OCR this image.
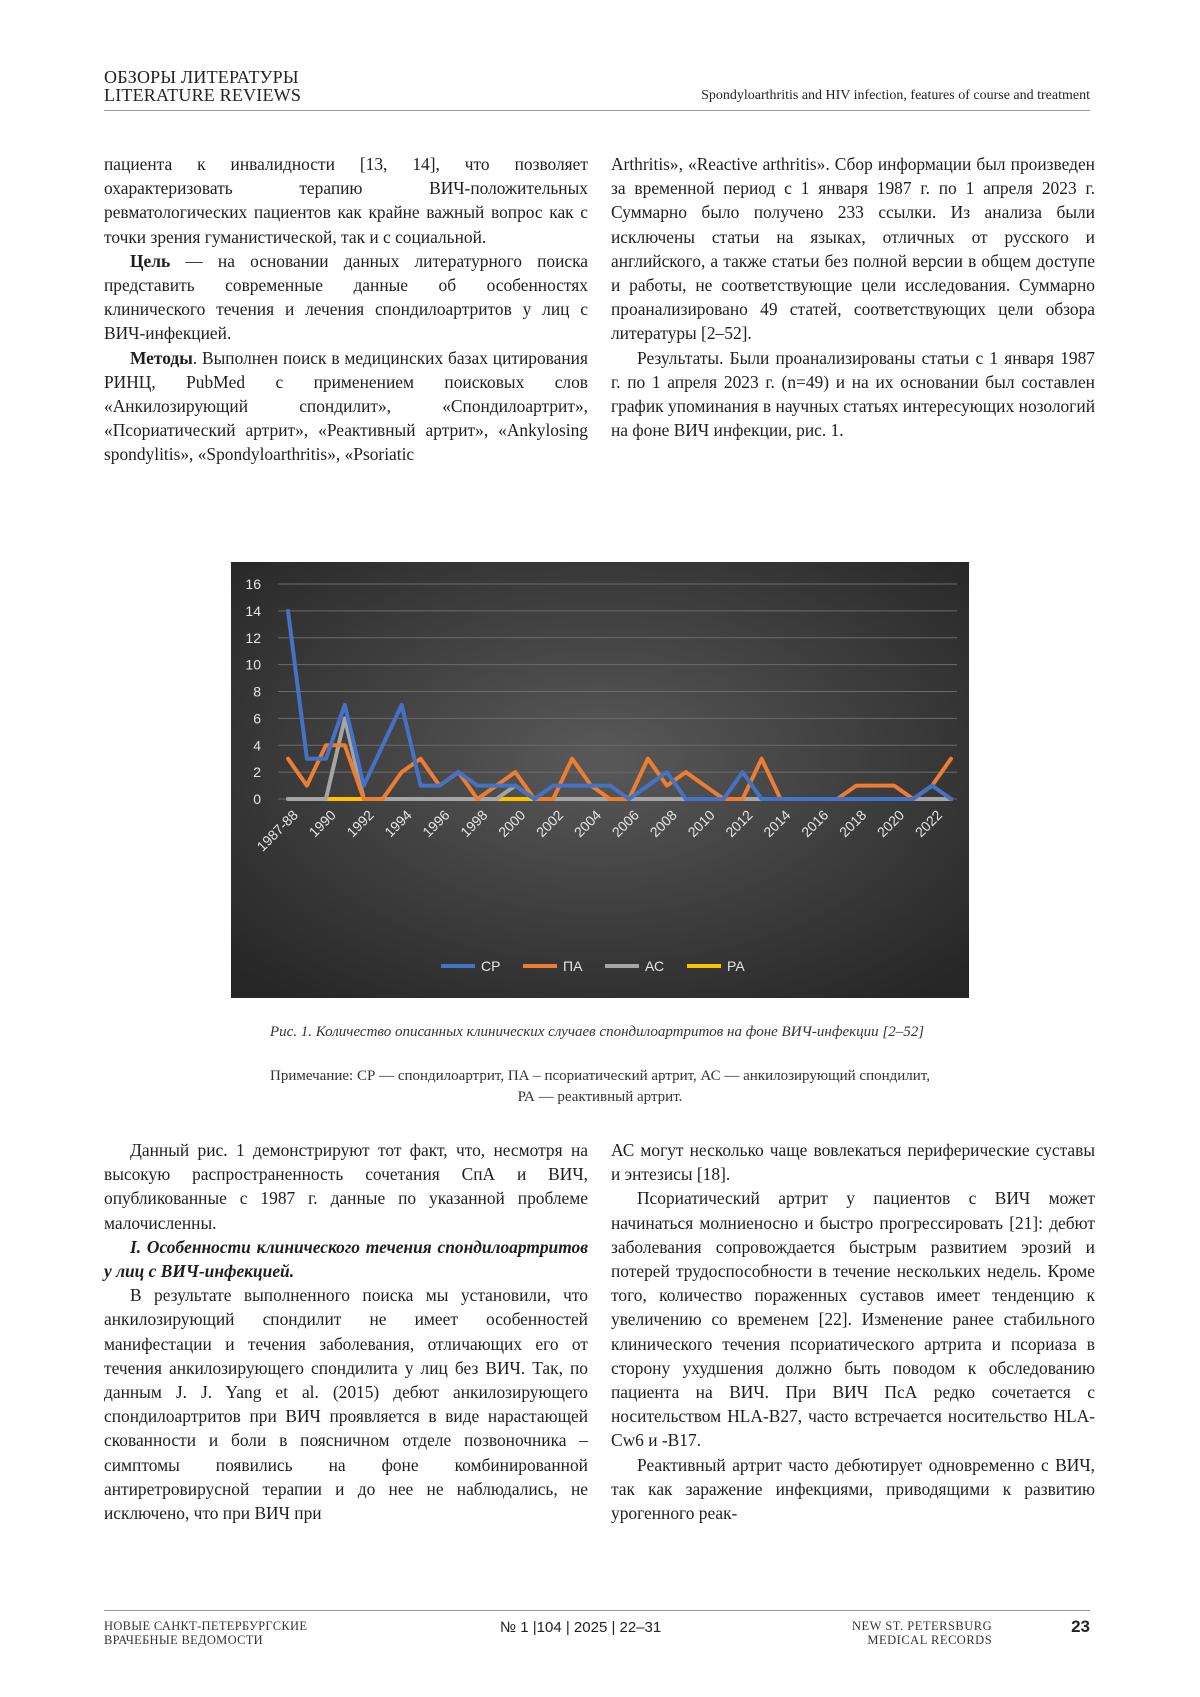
ОБЗОРЫ ЛИТЕРАТУРЫ
LITERATURE REVIEWS	Spondyloarthritis and HIV infection, features of course and treatment

пациента к инвалидности [13, 14], что позволяет охарактеризовать терапию ВИЧ-положительных ревматологических пациентов как крайне важный вопрос как с точки зрения гуманистической, так и с социальной.

Цель — на основании данных литературного поиска представить современные данные об особенностях клинического течения и лечения спондилоартритов у лиц с ВИЧ-инфекцией.

Методы. Выполнен поиск в медицинских базах цитирования РИНЦ, PubMed с применением поисковых слов «Анкилозирующий спондилит», «Спондилоартрит», «Псориатический артрит», «Реактивный артрит», «Ankylosing spondylitis», «Spondyloarthritis», «Psoriatic

Arthritis», «Reactive arthritis». Сбор информации был произведен за временной период с 1 января 1987 г. по 1 апреля 2023 г. Суммарно было получено 233 ссылки. Из анализа были исключены статьи на языках, отличных от русского и английского, а также статьи без полной версии в общем доступе и работы, не соответствующие цели исследования. Суммарно проанализировано 49 статей, соответствующих цели обзора литературы [2–52].

Результаты. Были проанализированы статьи с 1 января 1987 г. по 1 апреля 2023 г. (n=49) и на их основании был составлен график упоминания в научных статьях интересующих нозологий на фоне ВИЧ инфекции, рис. 1.

0
2
4
6
8
10
12
14
16
1987-88 1990 1992 1994 1996 1998 2000 2002 2004 2006 2008 2010 2012 2014 2016 2018 2020 2022
СР	ПА	АС	РА
Рис. 1. Количество описанных клинических случаев спондилоартритов на фоне ВИЧ-инфекции [2–52]
Примечание: СР — спондилоартрит, ПА – псориатический артрит, АС — анкилозирующий спондилит,
РА — реактивный артрит.

Данный рис. 1 демонстрируют тот факт, что, несмотря на высокую распространенность сочетания СпА и ВИЧ, опубликованные с 1987 г. данные по указанной проблеме малочисленны.

I. Особенности клинического течения спондилоартритов у лиц с ВИЧ-инфекцией.

В результате выполненного поиска мы установили, что анкилозирующий спондилит не имеет особенностей манифестации и течения заболевания, отличающих его от течения анкилозирующего спондилита у лиц без ВИЧ. Так, по данным J. J. Yang et al. (2015) дебют анкилозирующего спондилоартритов при ВИЧ проявляется в виде нарастающей скованности и боли в поясничном отделе позвоночника – симптомы появились на фоне комбинированной антиретровирусной терапии и до нее не наблюдались, не исключено, что при ВИЧ при

АС могут несколько чаще вовлекаться периферические суставы и энтезисы [18].

Псориатический артрит у пациентов с ВИЧ может начинаться молниеносно и быстро прогрессировать [21]: дебют заболевания сопровождается быстрым развитием эрозий и потерей трудоспособности в течение нескольких недель. Кроме того, количество пораженных суставов имеет тенденцию к увеличению со временем [22]. Изменение ранее стабильного клинического течения псориатического артрита и псориаза в сторону ухудшения должно быть поводом к обследованию пациента на ВИЧ. При ВИЧ ПсА редко сочетается с носительством HLA-B27, часто встречается носительство HLA-Cw6 и -B17.

Реактивный артрит часто дебютирует одновременно с ВИЧ, так как заражение инфекциями, приводящими к развитию урогенного реак-

НОВЫЕ САНКТ-ПЕТЕРБУРГСКИЕ
ВРАЧЕБНЫЕ ВЕДОМОСТИ
№ 1 |104 | 2025 | 22–31	NEW ST. PETERSBURG
MEDICAL RECORDS
23
